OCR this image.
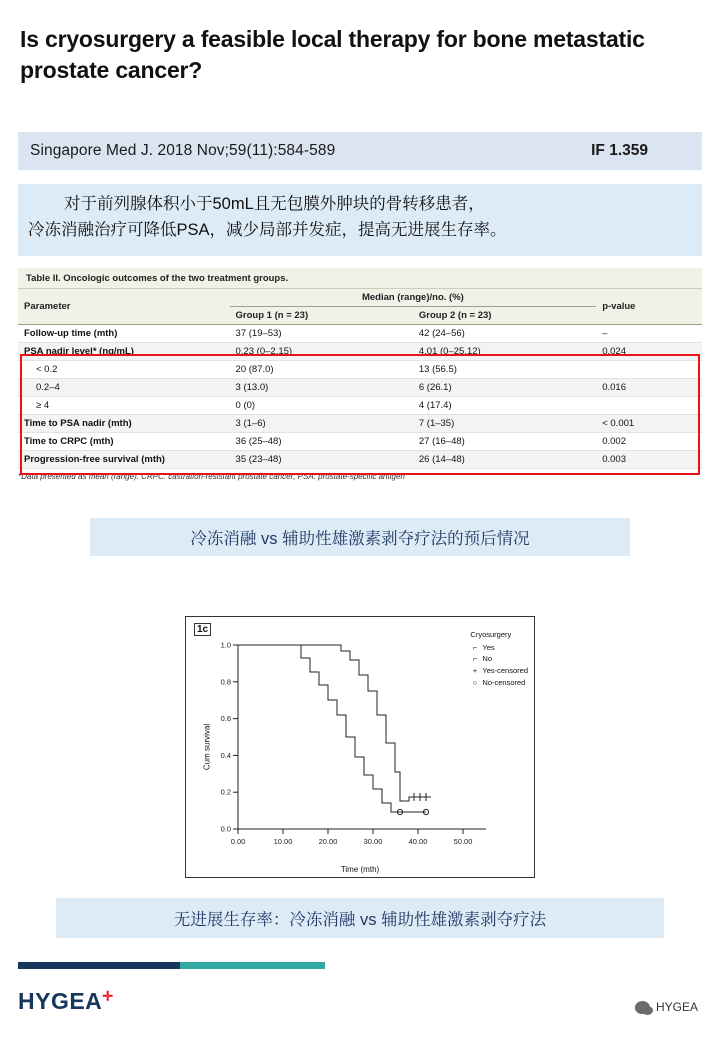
Is cryosurgery a feasible local therapy for bone metastatic prostate cancer?
Singapore Med J. 2018 Nov;59(11):584-589	IF 1.359
对于前列腺体积小于50mL且无包膜外肿块的骨转移患者，
冷冻消融治疗可降低PSA，减少局部并发症，提高无进展生存率。
Table II. Oncologic outcomes of the two treatment groups.
Parameter	Median (range)/no. (%)		p-value
	Group 1 (n = 23)	Group 2 (n = 23)	
Follow-up time (mth)	37 (19–53)	42 (24–56)	–
PSA nadir level* (ng/mL)	0.23 (0–2.15)	4.01 (0–25.12)	0.024
< 0.2	20 (87.0)	13 (56.5)	
0.2–4	3 (13.0)	6 (26.1)	0.016
≥ 4	0 (0)	4 (17.4)	
Time to PSA nadir (mth)	3 (1–6)	7 (1–35)	< 0.001
Time to CRPC (mth)	36 (25–48)	27 (16–48)	0.002
Progression-free survival (mth)	35 (23–48)	26 (14–48)	0.003
*Data presented as mean (range). CRPC: castration-resistant prostate cancer; PSA: prostate-specific antigen
冷冻消融 vs 辅助性雄激素剥夺疗法的预后情况
1c
Cum survival
Time (mth)
0.0
0.2
0.4
0.6
0.8
1.0
0.00	10.00	20.00	30.00	40.00	50.00
Cryosurgery
⌐ Yes
⌐ No
+ Yes-censored
○ No-censored
无进展生存率：冷冻消融 vs 辅助性雄激素剥夺疗法
HYGEA✛
HYGEA
